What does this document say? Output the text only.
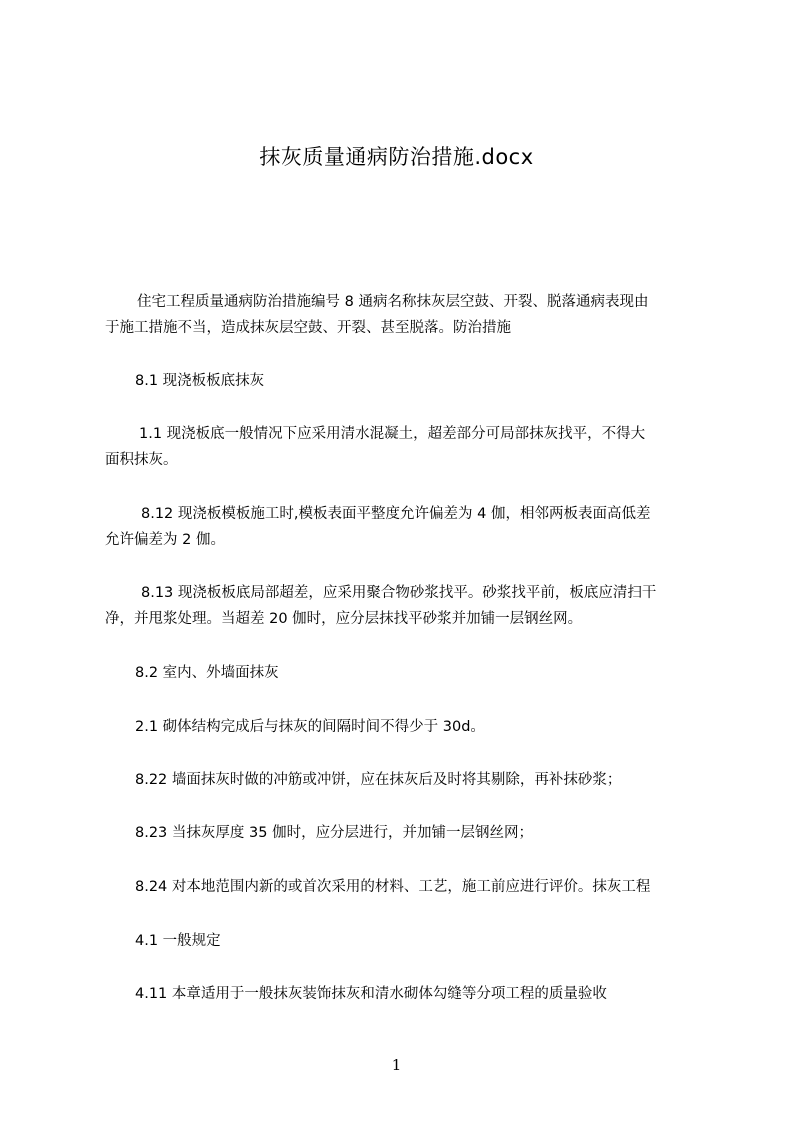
抹灰质量通病防治措施.docx
住宅工程质量通病防治措施编号 8 通病名称抹灰层空鼓、开裂、脱落通病表现由
于施工措施不当，造成抹灰层空鼓、开裂、甚至脱落。防治措施
8.1 现浇板板底抹灰
1.1 现浇板底一般情况下应采用清水混凝土，超差部分可局部抹灰找平，不得大
面积抹灰。
8.12 现浇板模板施工时,模板表面平整度允许偏差为 4 伽，相邻两板表面高低差
允许偏差为 2 伽。
8.13 现浇板板底局部超差，应采用聚合物砂浆找平。砂浆找平前，板底应清扫干
净，并甩浆处理。当超差 20 伽时，应分层抹找平砂浆并加铺一层钢丝网。
8.2 室内、外墙面抹灰
2.1 砌体结构完成后与抹灰的间隔时间不得少于 30d。
8.22 墙面抹灰时做的冲筋或冲饼，应在抹灰后及时将其剔除，再补抹砂浆；
8.23 当抹灰厚度 35 伽时，应分层进行，并加铺一层钢丝网；
8.24 对本地范围内新的或首次采用的材料、工艺，施工前应进行评价。抹灰工程
4.1 一般规定
4.11 本章适用于一般抹灰装饰抹灰和清水砌体勾缝等分项工程的质量验收
1
